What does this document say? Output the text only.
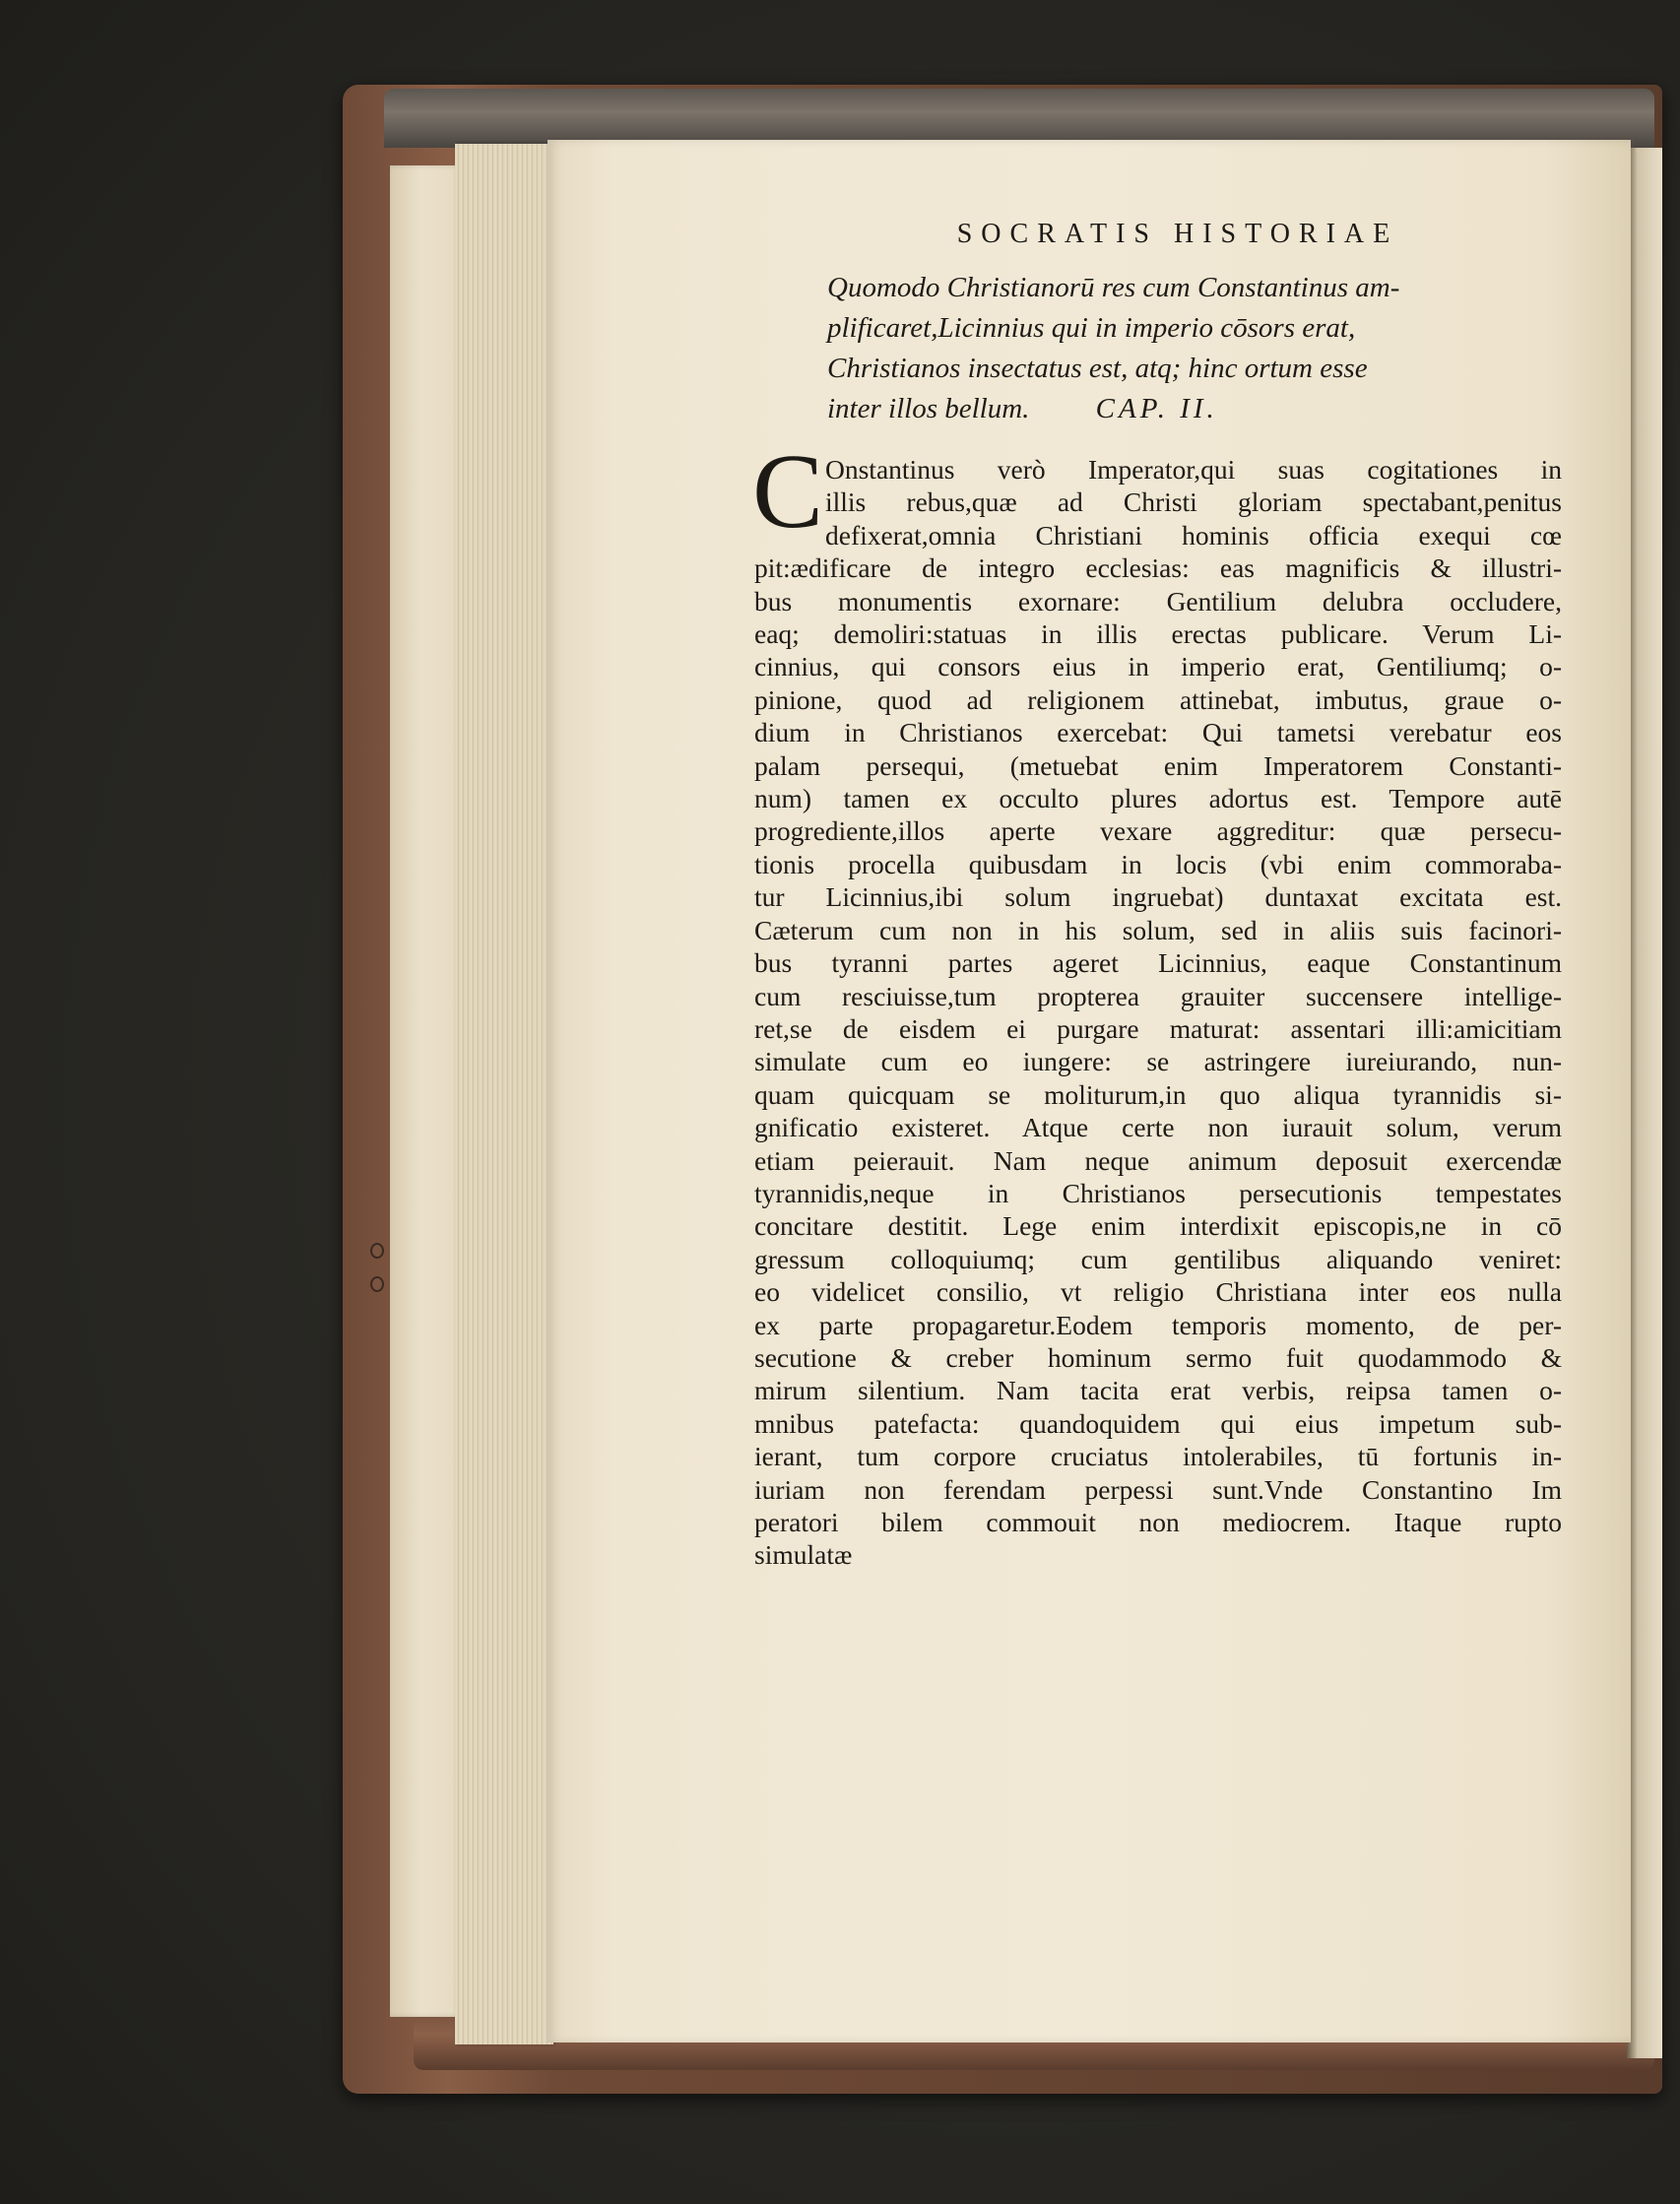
SOCRATIS HISTORIAE
Quomodo Christianorū res cum Constantinus am-
plificaret,Licinnius qui in imperio cōsors erat,
Christianos insectatus est, atq; hinc ortum esse
inter illos bellum. CAP. II.
C Onstantinus verò Imperator,qui suas cogitationes in
illis rebus,quæ ad Christi gloriam spectabant,penitus
defixerat,omnia Christiani hominis officia exequi cœ
pit:ædificare de integro ecclesias: eas magnificis & illustri-
bus monumentis exornare: Gentilium delubra occludere,
eaq; demoliri:statuas in illis erectas publicare. Verum Li-
cinnius, qui consors eius in imperio erat, Gentiliumq; o-
pinione, quod ad religionem attinebat, imbutus, graue o-
dium in Christianos exercebat: Qui tametsi verebatur eos
palam persequi, (metuebat enim Imperatorem Constanti-
num) tamen ex occulto plures adortus est. Tempore autē
progrediente,illos aperte vexare aggreditur: quæ persecu-
tionis procella quibusdam in locis (vbi enim commoraba-
tur Licinnius,ibi solum ingruebat) duntaxat excitata est.
Cæterum cum non in his solum, sed in aliis suis facinori-
bus tyranni partes ageret Licinnius, eaque Constantinum
cum resciuisse,tum propterea grauiter succensere intellige-
ret,se de eisdem ei purgare maturat: assentari illi:amicitiam
simulate cum eo iungere: se astringere iureiurando, nun-
quam quicquam se moliturum,in quo aliqua tyrannidis si-
gnificatio existeret. Atque certe non iurauit solum, verum
etiam peierauit. Nam neque animum deposuit exercendæ
tyrannidis,neque in Christianos persecutionis tempestates
concitare destitit. Lege enim interdixit episcopis,ne in cō
gressum colloquiumq; cum gentilibus aliquando veniret:
eo videlicet consilio, vt religio Christiana inter eos nulla
ex parte propagaretur.Eodem temporis momento, de per-
secutione & creber hominum sermo fuit quodammodo &
mirum silentium. Nam tacita erat verbis, reipsa tamen o-
mnibus patefacta: quandoquidem qui eius impetum sub-
ierant, tum corpore cruciatus intolerabiles, tū fortunis in-
iuriam non ferendam perpessi sunt.Vnde Constantino Im
peratori bilem commouit non mediocrem. Itaque rupto
simulatæ
